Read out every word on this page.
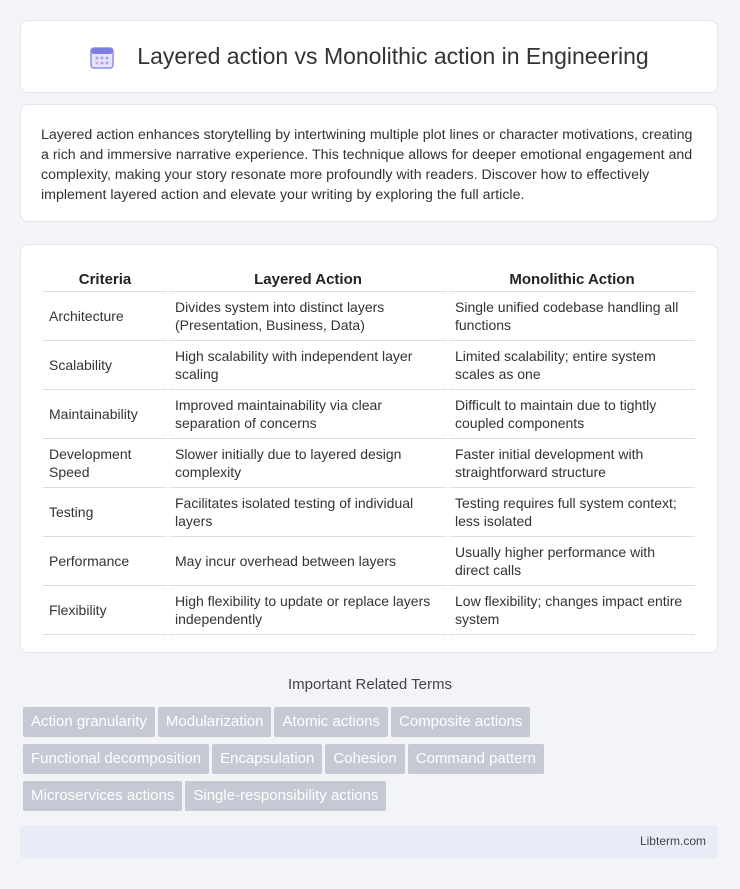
Layered action vs Monolithic action in Engineering

Layered action enhances storytelling by intertwining multiple plot lines or character motivations, creating a rich and immersive narrative experience. This technique allows for deeper emotional engagement and complexity, making your story resonate more profoundly with readers. Discover how to effectively implement layered action and elevate your writing by exploring the full article.

Criteria	Layered Action	Monolithic Action
Architecture	Divides system into distinct layers (Presentation, Business, Data)	Single unified codebase handling all functions
Scalability	High scalability with independent layer scaling	Limited scalability; entire system scales as one
Maintainability	Improved maintainability via clear separation of concerns	Difficult to maintain due to tightly coupled components
Development Speed	Slower initially due to layered design complexity	Faster initial development with straightforward structure
Testing	Facilitates isolated testing of individual layers	Testing requires full system context; less isolated
Performance	May incur overhead between layers	Usually higher performance with direct calls
Flexibility	High flexibility to update or replace layers independently	Low flexibility; changes impact entire system
Important Related Terms
Action granularity Modularization Atomic actions Composite actions
Functional decomposition Encapsulation Cohesion Command pattern
Microservices actions Single-responsibility actions
Libterm.com
